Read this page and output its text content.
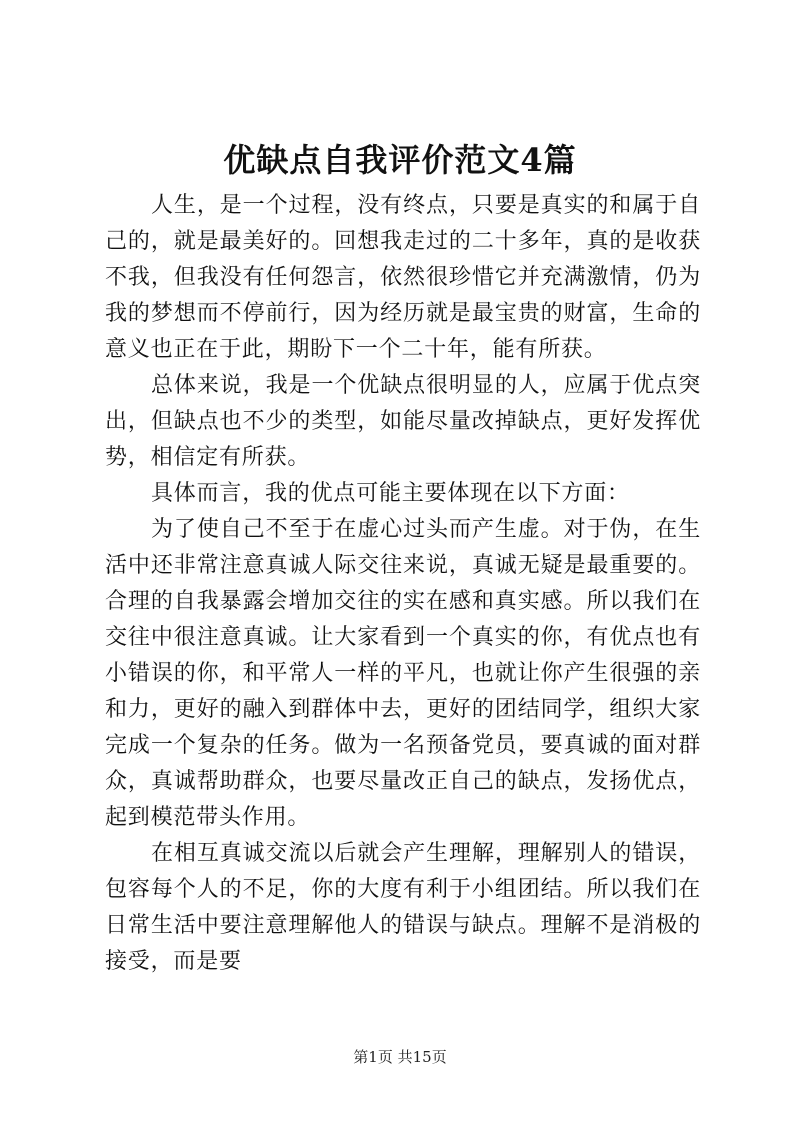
优缺点自我评价范文4篇

人生，是一个过程，没有终点，只要是真实的和属于自己的，就是最美好的。回想我走过的二十多年，真的是收获不我，但我没有任何怨言，依然很珍惜它并充满激情，仍为我的梦想而不停前行，因为经历就是最宝贵的财富，生命的意义也正在于此，期盼下一个二十年，能有所获。

总体来说，我是一个优缺点很明显的人，应属于优点突出，但缺点也不少的类型，如能尽量改掉缺点，更好发挥优势，相信定有所获。

具体而言，我的优点可能主要体现在以下方面：

为了使自己不至于在虚心过头而产生虚。对于伪，在生活中还非常注意真诚人际交往来说，真诚无疑是最重要的。合理的自我暴露会增加交往的实在感和真实感。所以我们在交往中很注意真诚。让大家看到一个真实的你，有优点也有小错误的你，和平常人一样的平凡，也就让你产生很强的亲和力，更好的融入到群体中去，更好的团结同学，组织大家完成一个复杂的任务。做为一名预备党员，要真诚的面对群众，真诚帮助群众，也要尽量改正自己的缺点，发扬优点，起到模范带头作用。

在相互真诚交流以后就会产生理解，理解别人的错误，包容每个人的不足，你的大度有利于小组团结。所以我们在日常生活中要注意理解他人的错误与缺点。理解不是消极的接受，而是要

第1页 共15页
